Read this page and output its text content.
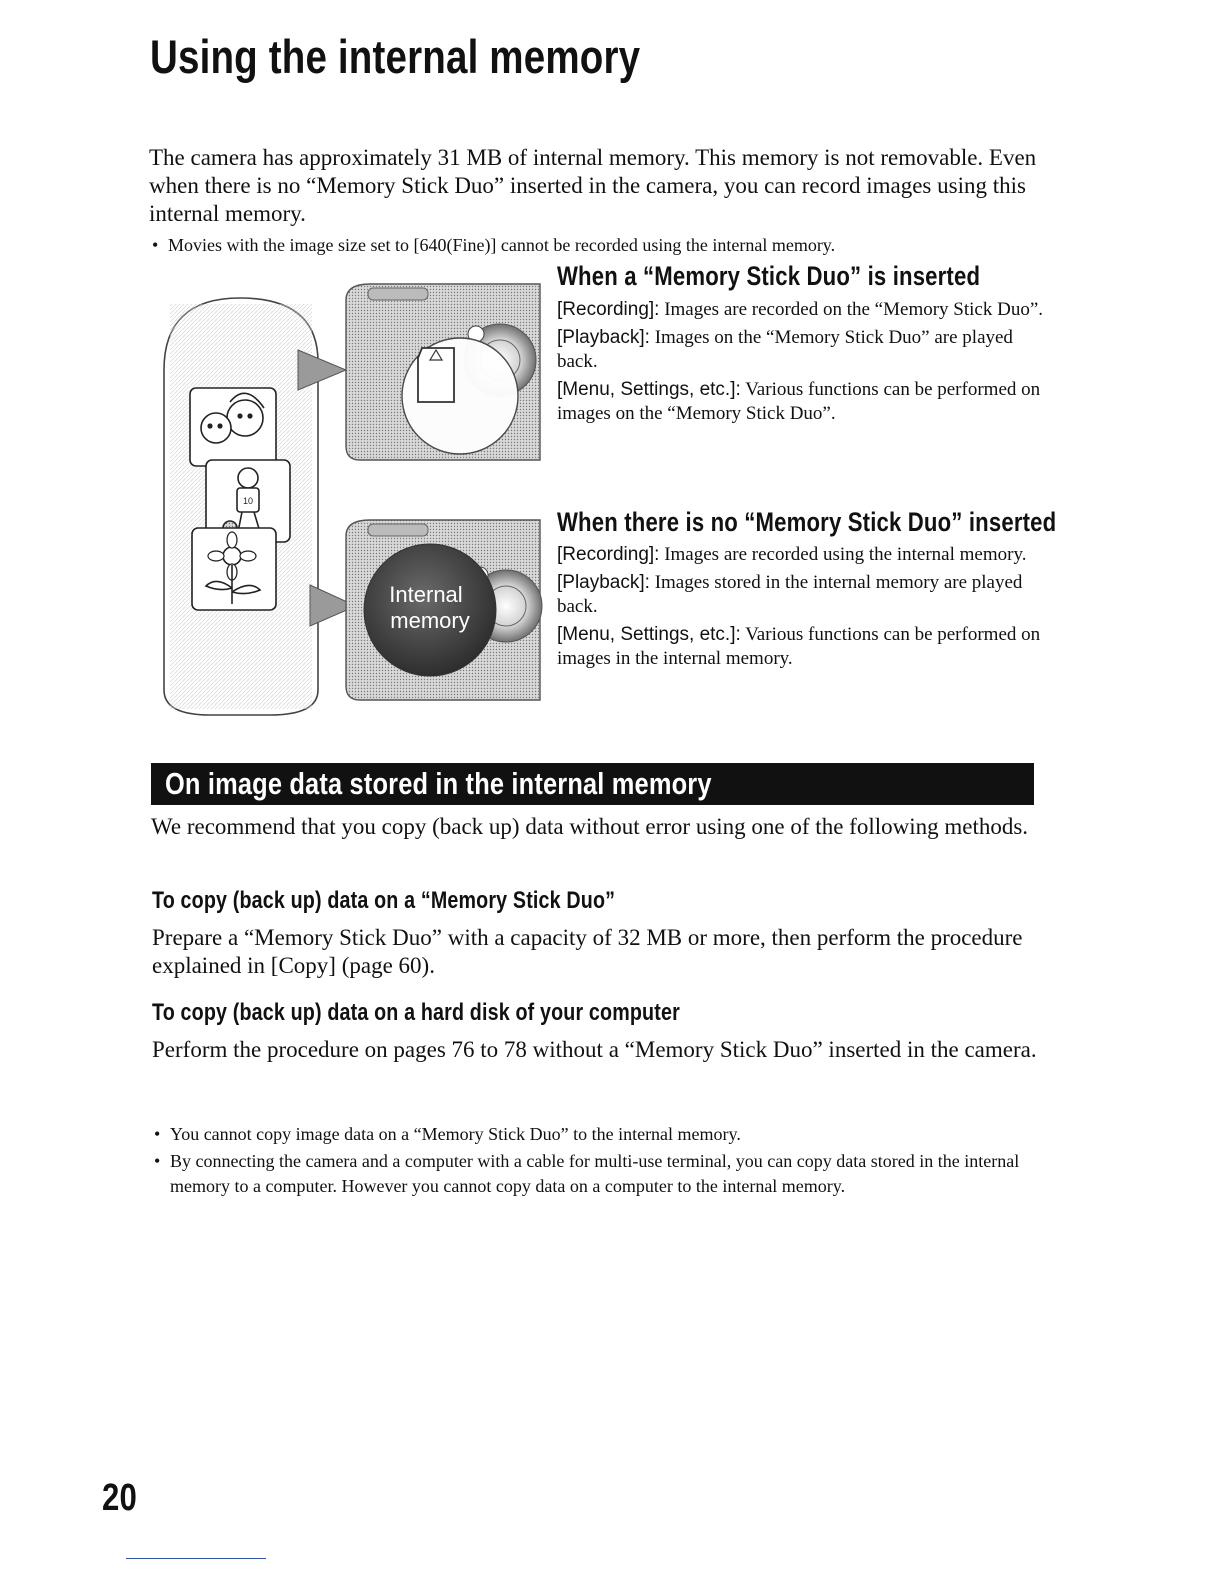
Using the internal memory
The camera has approximately 31 MB of internal memory. This memory is not removable. Even when there is no “Memory Stick Duo” inserted in the camera, you can record images using this internal memory.
• Movies with the image size set to [640(Fine)] cannot be recorded using the internal memory.
10
Internal
memory
When a “Memory Stick Duo” is inserted

[Recording]: Images are recorded on the “Memory Stick Duo”.

[Playback]: Images on the “Memory Stick Duo” are played back.

[Menu, Settings, etc.]: Various functions can be performed on images on the “Memory Stick Duo”.

When there is no “Memory Stick Duo” inserted

[Recording]: Images are recorded using the internal memory.

[Playback]: Images stored in the internal memory are played back.

[Menu, Settings, etc.]: Various functions can be performed on images in the internal memory.

On image data stored in the internal memory
We recommend that you copy (back up) data without error using one of the following methods.
To copy (back up) data on a “Memory Stick Duo”
Prepare a “Memory Stick Duo” with a capacity of 32 MB or more, then perform the procedure explained in [Copy] (page 60).
To copy (back up) data on a hard disk of your computer
Perform the procedure on pages 76 to 78 without a “Memory Stick Duo” inserted in the camera.
• You cannot copy image data on a “Memory Stick Duo” to the internal memory.
• By connecting the camera and a computer with a cable for multi-use terminal, you can copy data stored in the internal memory to a computer. However you cannot copy data on a computer to the internal memory.
20
